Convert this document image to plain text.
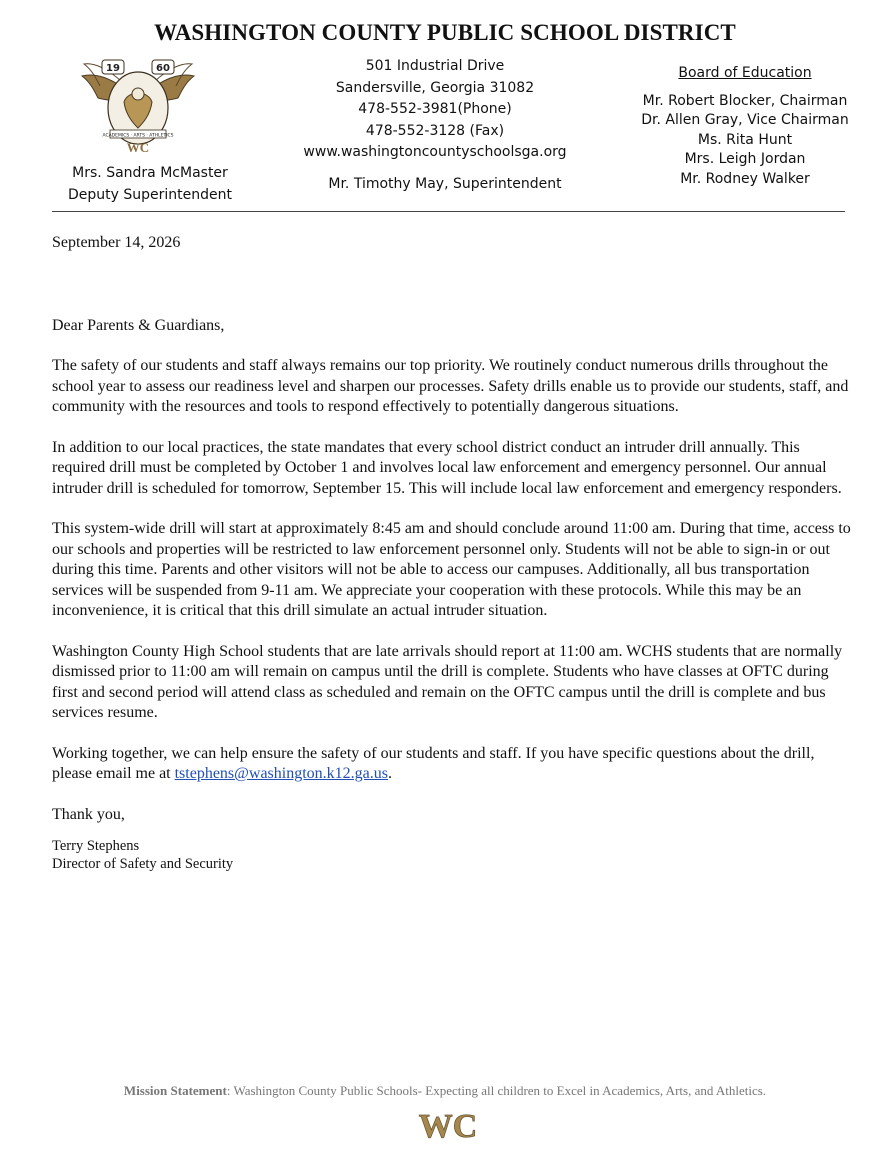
WASHINGTON COUNTY PUBLIC SCHOOL DISTRICT
19	60
ACADEMICS · ARTS · ATHLETICS
WC
Mrs. Sandra McMaster
Deputy Superintendent
501 Industrial Drive
Sandersville, Georgia 31082
478-552-3981(Phone)
478-552-3128 (Fax)
www.washingtoncountyschoolsga.org
Mr. Timothy May, Superintendent
Board of Education
Mr. Robert Blocker, Chairman
Dr. Allen Gray, Vice Chairman
Ms. Rita Hunt
Mrs. Leigh Jordan
Mr. Rodney Walker

September 14, 2026

Dear Parents & Guardians,

The safety of our students and staff always remains our top priority. We routinely conduct numerous drills throughout the school year to assess our readiness level and sharpen our processes. Safety drills enable us to provide our students, staff, and community with the resources and tools to respond effectively to potentially dangerous situations.

In addition to our local practices, the state mandates that every school district conduct an intruder drill annually. This required drill must be completed by October 1 and involves local law enforcement and emergency personnel. Our annual intruder drill is scheduled for tomorrow, September 15. This will include local law enforcement and emergency responders.

This system-wide drill will start at approximately 8:45 am and should conclude around 11:00 am. During that time, access to our schools and properties will be restricted to law enforcement personnel only. Students will not be able to sign-in or out during this time. Parents and other visitors will not be able to access our campuses. Additionally, all bus transportation services will be suspended from 9-11 am. We appreciate your cooperation with these protocols. While this may be an inconvenience, it is critical that this drill simulate an actual intruder situation.

Washington County High School students that are late arrivals should report at 11:00 am. WCHS students that are normally dismissed prior to 11:00 am will remain on campus until the drill is complete. Students who have classes at OFTC during first and second period will attend class as scheduled and remain on the OFTC campus until the drill is complete and bus services resume.

Working together, we can help ensure the safety of our students and staff. If you have specific questions about the drill, please email me at tstephens@washington.k12.ga.us.

Thank you,

Terry Stephens
Director of Safety and Security

Mission Statement: Washington County Public Schools- Expecting all children to Excel in Academics, Arts, and Athletics.
WC
